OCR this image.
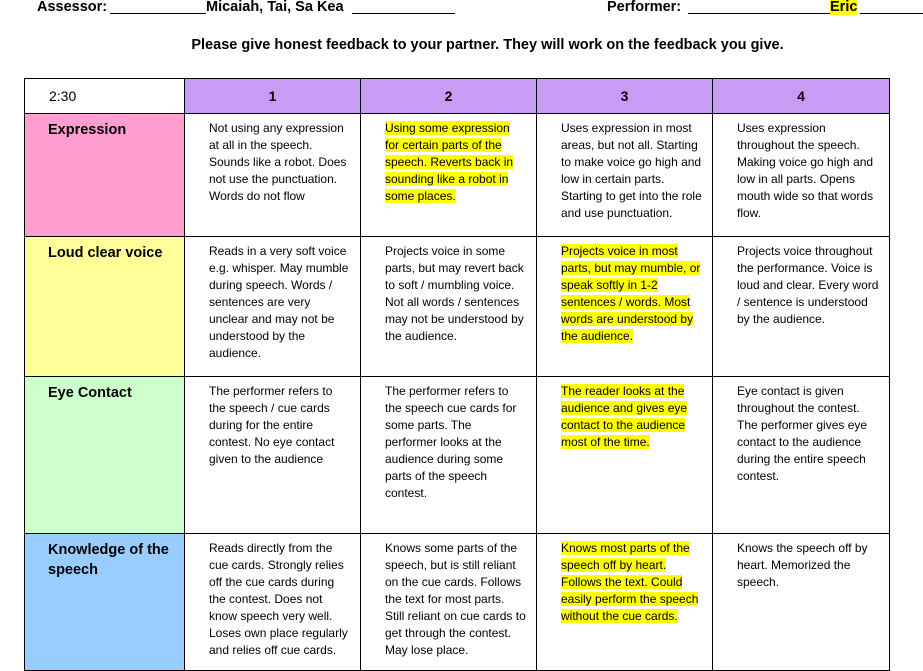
Assessor:	Micaiah, Tai, Sa Kea	Performer:	Eric
Please give honest feedback to your partner. They will work on the feedback you give.
2:30	1	2	3	4
Expression	Not using any expression at all in the speech. Sounds like a robot. Does not use the punctuation. Words do not flow	Using some expression for certain parts of the speech. Reverts back in sounding like a robot in some places.	Uses expression in most areas, but not all. Starting to make voice go high and low in certain parts. Starting to get into the role and use punctuation.	Uses expression throughout the speech. Making voice go high and low in all parts. Opens mouth wide so that words flow.
Loud clear voice	Reads in a very soft voice e.g. whisper. May mumble during speech. Words / sentences are very unclear and may not be understood by the audience.	Projects voice in some parts, but may revert back to soft / mumbling voice. Not all words / sentences may not be understood by the audience.	Projects voice in most parts, but may mumble, or speak softly in 1-2 sentences / words. Most words are understood by the audience.	Projects voice throughout the performance. Voice is loud and clear. Every word / sentence is understood by the audience.
Eye Contact	The performer refers to the speech / cue cards during for the entire contest. No eye contact given to the audience	The performer refers to the speech cue cards for some parts. The performer looks at the audience during some parts of the speech contest.	The reader looks at the audience and gives eye contact to the audience most of the time.	Eye contact is given throughout the contest. The performer gives eye contact to the audience during the entire speech contest.
Knowledge of the speech	Reads directly from the cue cards. Strongly relies off the cue cards during the contest. Does not know speech very well. Loses own place regularly and relies off cue cards.	Knows some parts of the speech, but is still reliant on the cue cards. Follows the text for most parts. Still reliant on cue cards to get through the contest. May lose place.	Knows most parts of the speech off by heart. Follows the text. Could easily perform the speech without the cue cards.	Knows the speech off by heart. Memorized the speech.
